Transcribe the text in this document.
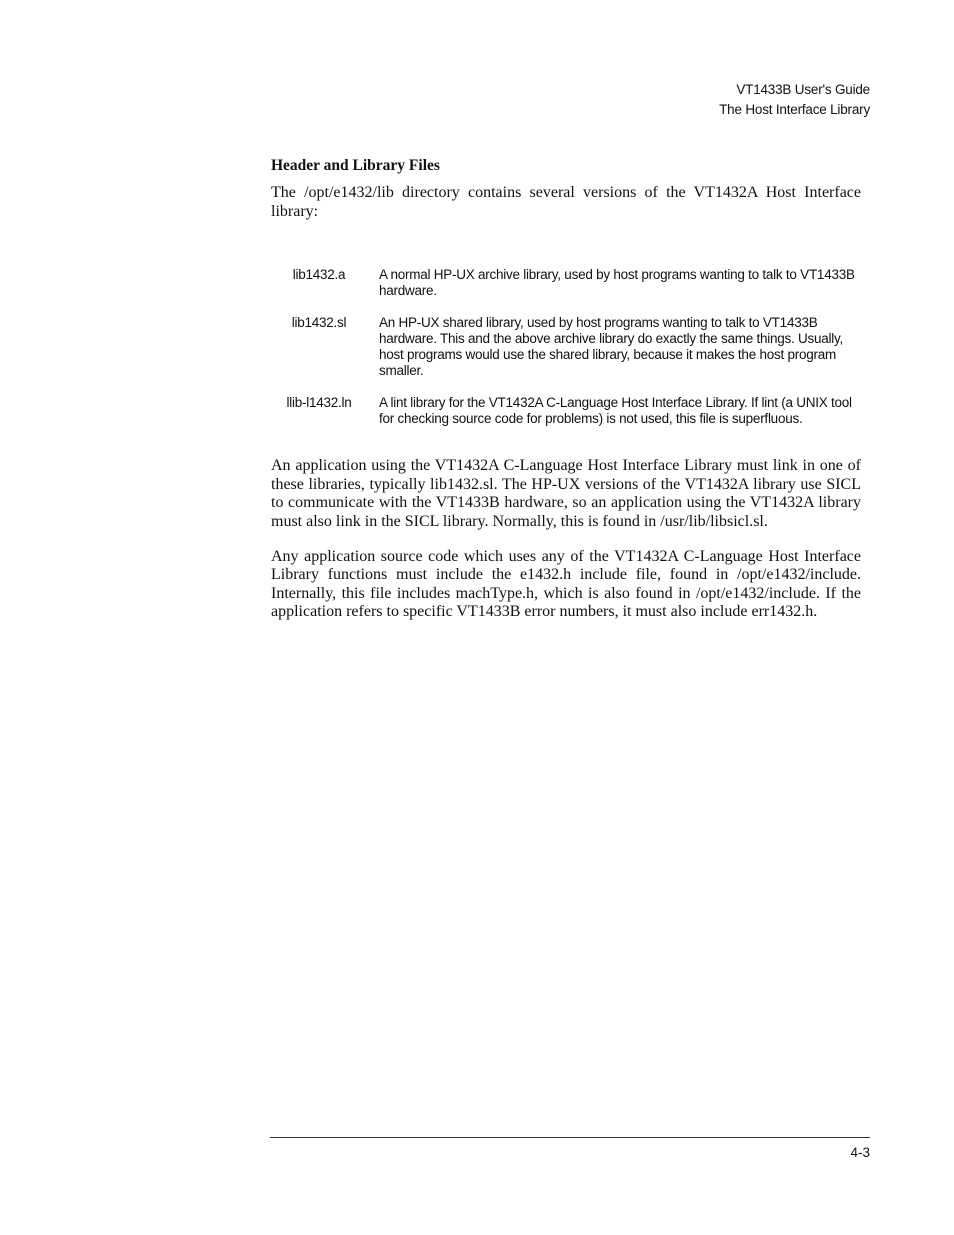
VT1433B User's Guide
The Host Interface Library
Header and Library Files

The /opt/e1432/lib directory contains several versions of the VT1432A Host Interface library:

lib1432.a	A normal HP-UX archive library, used by host programs wanting to talk to VT1433B hardware.
lib1432.sl	An HP-UX shared library, used by host programs wanting to talk to VT1433B hardware. This and the above archive library do exactly the same things. Usually, host programs would use the shared library, because it makes the host program smaller.
llib-l1432.ln	A lint library for the VT1432A C-Language Host Interface Library. If lint (a UNIX tool for checking source code for problems) is not used, this file is superfluous.

An application using the VT1432A C-Language Host Interface Library must link in one of these libraries, typically lib1432.sl. The HP-UX versions of the VT1432A library use SICL to communicate with the VT1433B hardware, so an application using the VT1432A library must also link in the SICL library. Normally, this is found in /usr/lib/libsicl.sl.

Any application source code which uses any of the VT1432A C-Language Host Interface Library functions must include the e1432.h include file, found in /opt/e1432/include. Internally, this file includes machType.h, which is also found in /opt/e1432/include. If the application refers to specific VT1433B error numbers, it must also include err1432.h.

4-3
